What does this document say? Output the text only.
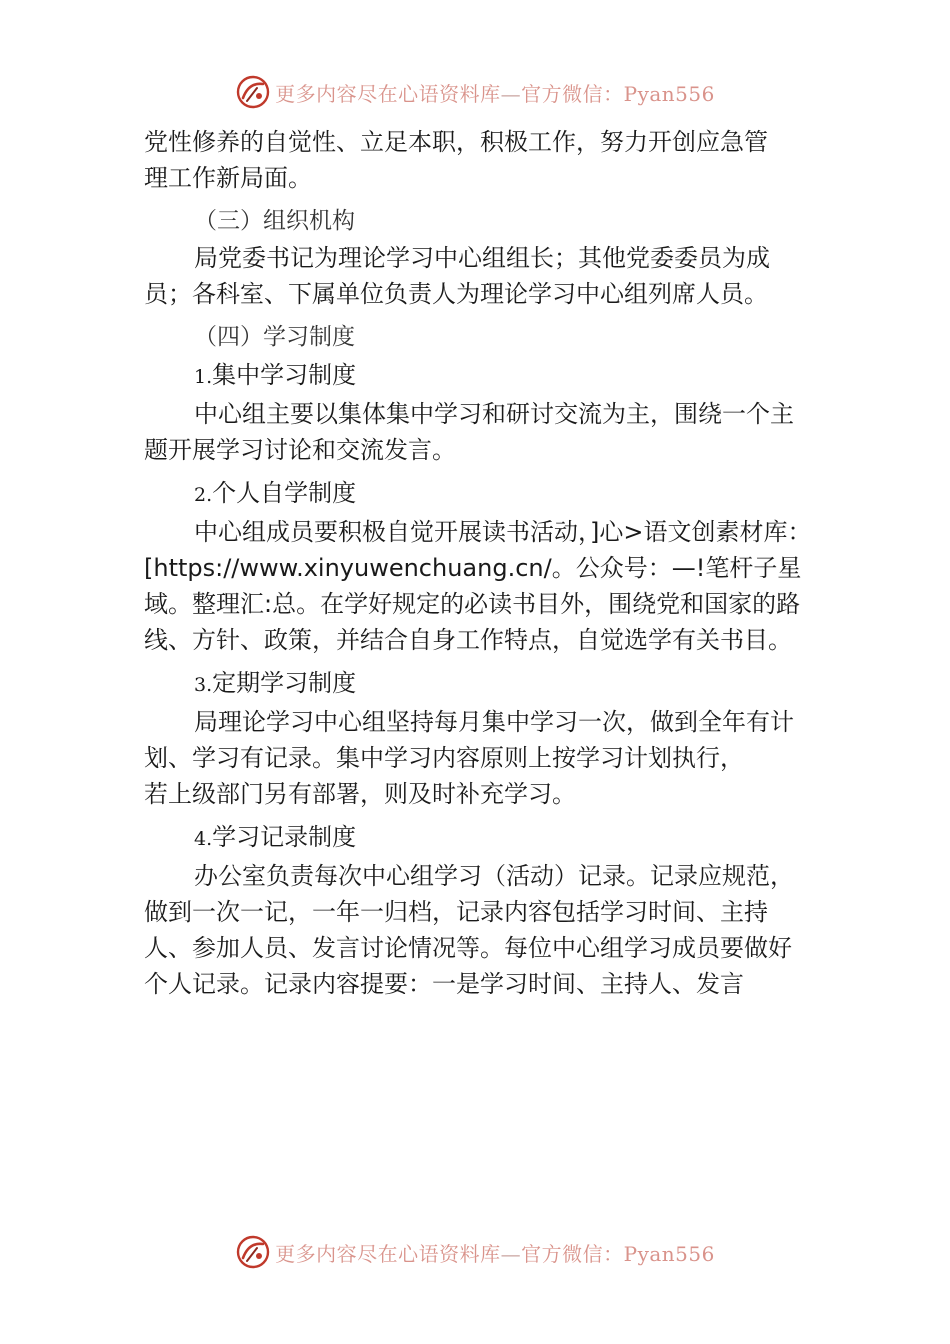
更多内容尽在心语资料库—官方微信：Pyan556

党性修养的自觉性、立足本职，积极工作，努力开创应急管

理工作新局面。

（三）组织机构

局党委书记为理论学习中心组组长；其他党委委员为成员；各科室、下属单位负责人为理论学习中心组列席人员。

（四）学习制度

1.集中学习制度

中心组主要以集体集中学习和研讨交流为主，围绕一个主题开展学习讨论和交流发言。

2.个人自学制度

中心组成员要积极自觉开展读书活动，]心>语文创素材库：[https://www.xinyuwenchuang.cn/。公众号：—!笔杆子星域。整理汇:总。在学好规定的必读书目外，围绕党和国家的路线、方针、政策，并结合自身工作特点，自觉选学有关书目。

3.定期学习制度

局理论学习中心组坚持每月集中学习一次，做到全年有计划、学习有记录。集中学习内容原则上按学习计划执行，

若上级部门另有部署，则及时补充学习。

4.学习记录制度

办公室负责每次中心组学习（活动）记录。记录应规范，做到一次一记，一年一归档，记录内容包括学习时间、主持人、参加人员、发言讨论情况等。每位中心组学习成员要做好个人记录。记录内容提要：一是学习时间、主持人、发言

更多内容尽在心语资料库—官方微信：Pyan556
